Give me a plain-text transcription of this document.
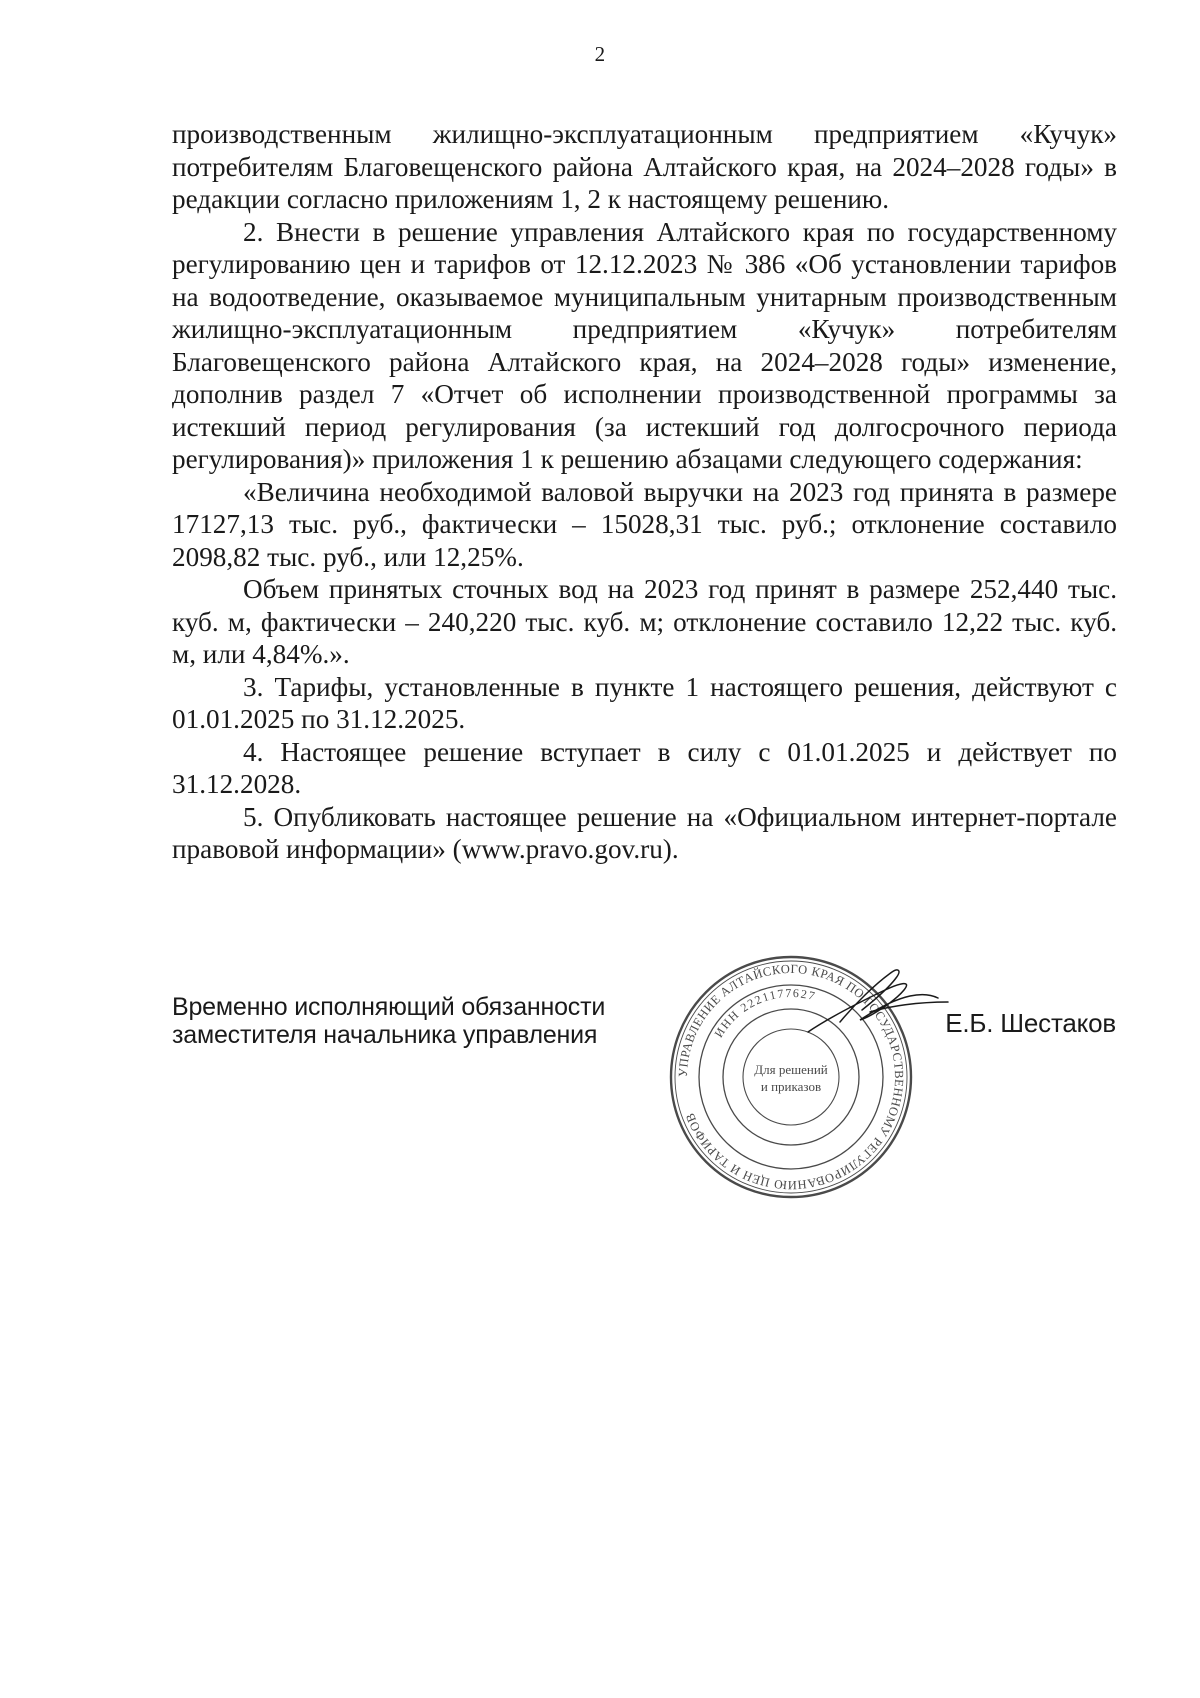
2

производственным жилищно-эксплуатационным предприятием «Кучук» потребителям Благовещенского района Алтайского края, на 2024–2028 годы» в редакции согласно приложениям 1, 2 к настоящему решению.

2. Внести в решение управления Алтайского края по государственному регулированию цен и тарифов от 12.12.2023 № 386 «Об установлении тарифов на водоотведение, оказываемое муниципальным унитарным производственным жилищно-эксплуатационным предприятием «Кучук» потребителям Благовещенского района Алтайского края, на 2024–2028 годы» изменение, дополнив раздел 7 «Отчет об исполнении производственной программы за истекший период регулирования (за истекший год долгосрочного периода регулирования)» приложения 1 к решению абзацами следующего содержания:

«Величина необходимой валовой выручки на 2023 год принята в размере 17127,13 тыс. руб., фактически – 15028,31 тыс. руб.; отклонение составило 2098,82 тыс. руб., или 12,25%.

Объем принятых сточных вод на 2023 год принят в размере 252,440 тыс. куб. м, фактически – 240,220 тыс. куб. м; отклонение составило 12,22 тыс. куб. м, или 4,84%.».

3. Тарифы, установленные в пункте 1 настоящего решения, действуют с 01.01.2025 по 31.12.2025.

4. Настоящее решение вступает в силу с 01.01.2025 и действует по 31.12.2028.

5. Опубликовать настоящее решение на «Официальном интернет-портале правовой информации» (www.pravo.gov.ru).

Временно исполняющий обязанности
заместителя начальника управления
УПРАВЛЕНИЕ АЛТАЙСКОГО КРАЯ ПО ГОСУДАРСТВЕННОМУ РЕГУЛИРОВАНИЮ ЦЕН И ТАРИФОВ
ИНН 2221177627
Для решений
и приказов
Е.Б. Шестаков
